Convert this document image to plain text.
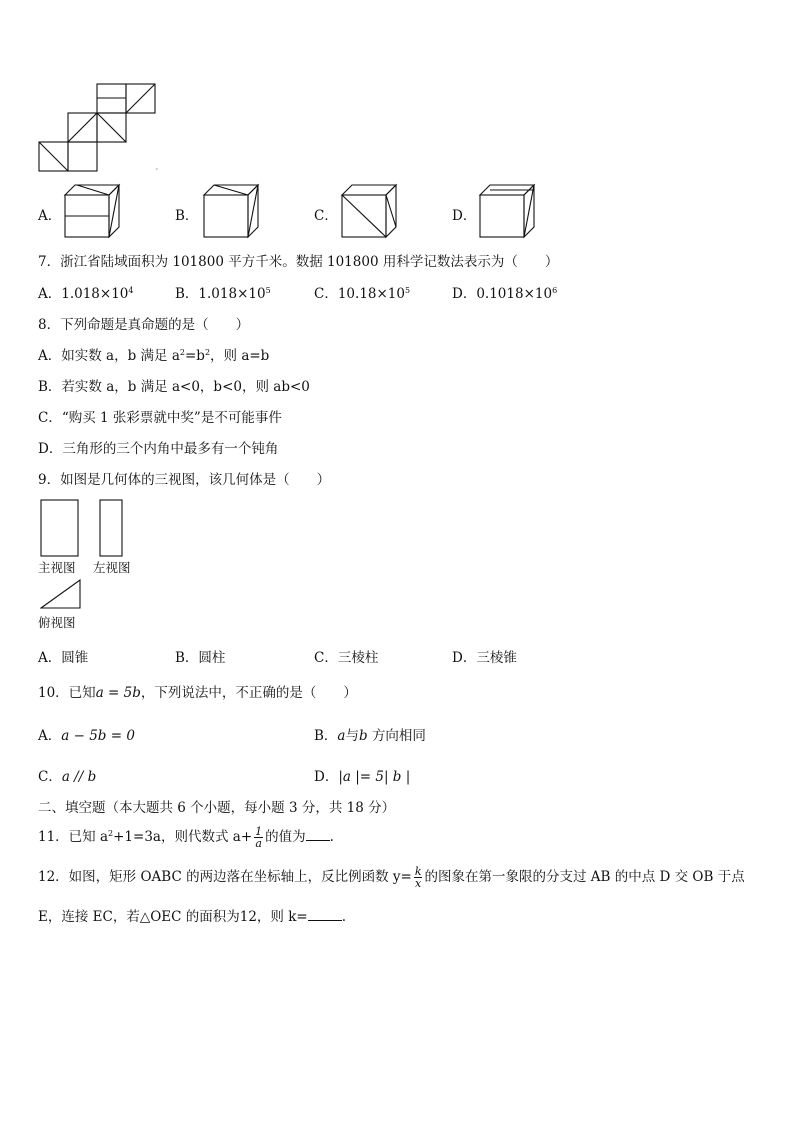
◦
A．	B．	C．	D．
7．浙江省陆域面积为 101800 平方千米。数据 101800 用科学记数法表示为（　　）
A．$1.018\times 10^4$	B．$1.018\times 10^5$	C．$10.18\times 10^5$	D．$0.1018\times 10^6$
8．下列命题是真命题的是（　　）
A．如实数 a，b 满足 $a^2=b^2$，则 a=b
B．若实数 a，b 满足 a<0，b<0，则 ab<0
C．“购买 1 张彩票就中奖”是不可能事件
D．三角形的三个内角中最多有一个钝角
9．如图是几何体的三视图，该几何体是（　　）
主视图 左视图
俯视图
A．圆锥	B．圆柱	C．三棱柱	D．三棱锥
10．已知a = 5b，下列说法中，不正确的是（　　）
A．a − 5b = 0	B．a与b 方向相同
C．a // b	D．|a |= 5| b |
二、填空题（本大题共 6 个小题，每小题 3 分，共 18 分）
11．已知 $a^2+1=3a$，则代数式 $a+ \frac{1}{a}$ 的值为 .
12．如图，矩形 OABC 的两边落在坐标轴上，反比例函数 $y= \frac{k}{x}$ 的图象在第一象限的分支过 AB 的中点 D 交 OB 于点
E，连接 EC，若△OEC 的面积为12，则 k=	.
